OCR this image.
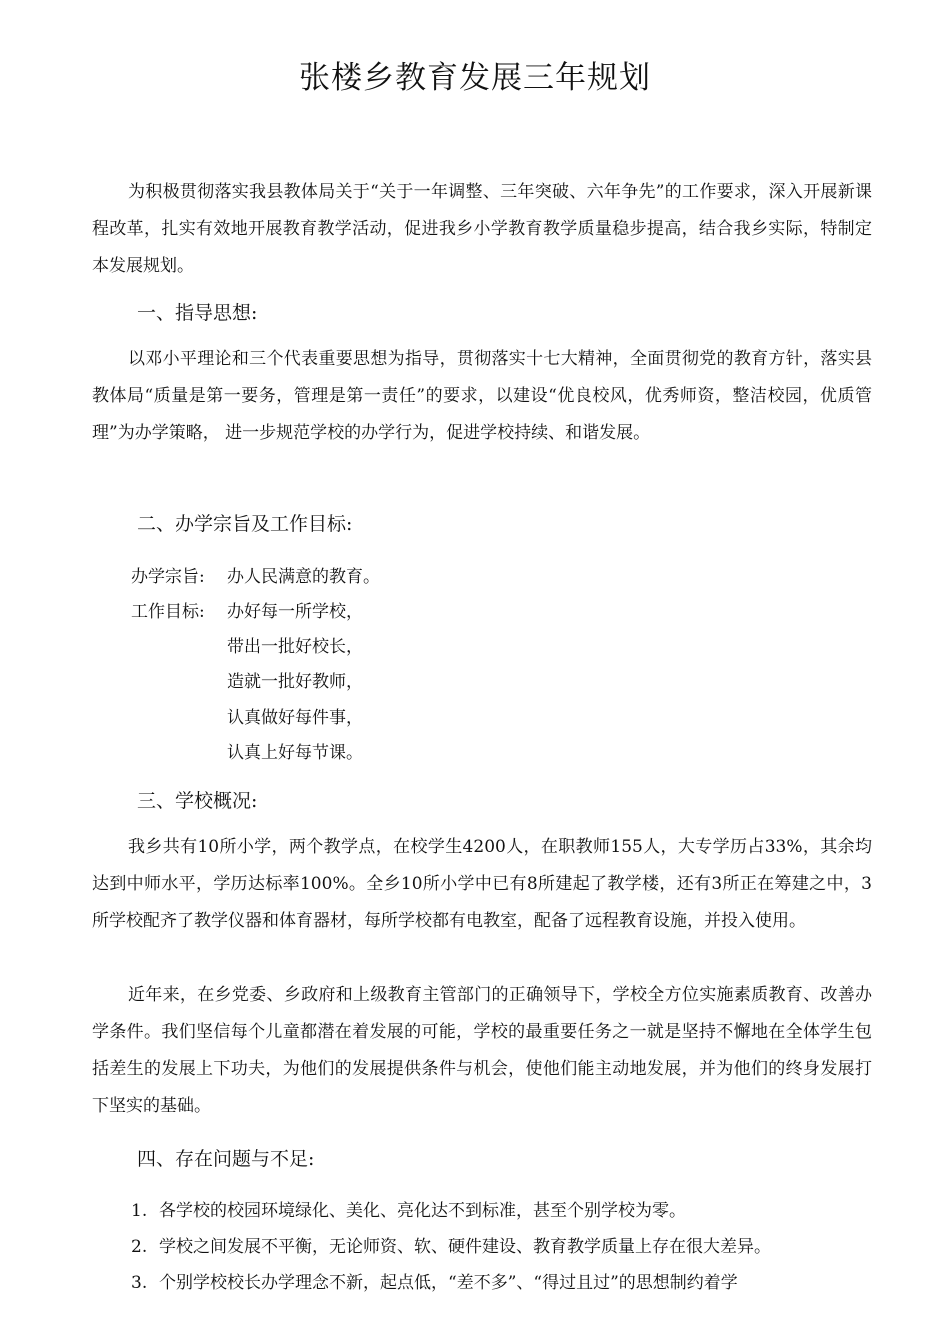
张楼乡教育发展三年规划

为积极贯彻落实我县教体局关于“关于一年调整、三年突破、六年争先”的工作要求，深入开展新课程改革，扎实有效地开展教育教学活动，促进我乡小学教育教学质量稳步提高，结合我乡实际，特制定本发展规划。

一、指导思想:

以邓小平理论和三个代表重要思想为指导，贯彻落实十七大精神，全面贯彻党的教育方针，落实县教体局“质量是第一要务，管理是第一责任”的要求，以建设“优良校风，优秀师资，整洁校园，优质管理”为办学策略， 进一步规范学校的办学行为，促进学校持续、和谐发展。

二、办学宗旨及工作目标:

办学宗旨: 办人民满意的教育。

工作目标: 办好每一所学校，

带出一批好校长，

造就一批好教师，

认真做好每件事，

认真上好每节课。

三、学校概况:

我乡共有10所小学，两个教学点，在校学生4200人，在职教师155人，大专学历占33%，其余均达到中师水平，学历达标率100%。全乡10所小学中已有8所建起了教学楼，还有3所正在筹建之中，3所学校配齐了教学仪器和体育器材，每所学校都有电教室，配备了远程教育设施，并投入使用。

近年来，在乡党委、乡政府和上级教育主管部门的正确领导下，学校全方位实施素质教育、改善办学条件。我们坚信每个儿童都潜在着发展的可能，学校的最重要任务之一就是坚持不懈地在全体学生包括差生的发展上下功夫，为他们的发展提供条件与机会，使他们能主动地发展，并为他们的终身发展打下坚实的基础。

四、存在问题与不足:

1. 各学校的校园环境绿化、美化、亮化达不到标准，甚至个别学校为零。

2. 学校之间发展不平衡，无论师资、软、硬件建设、教育教学质量上存在很大差异。

3. 个别学校校长办学理念不新，起点低，“差不多”、“得过且过”的思想制约着学
